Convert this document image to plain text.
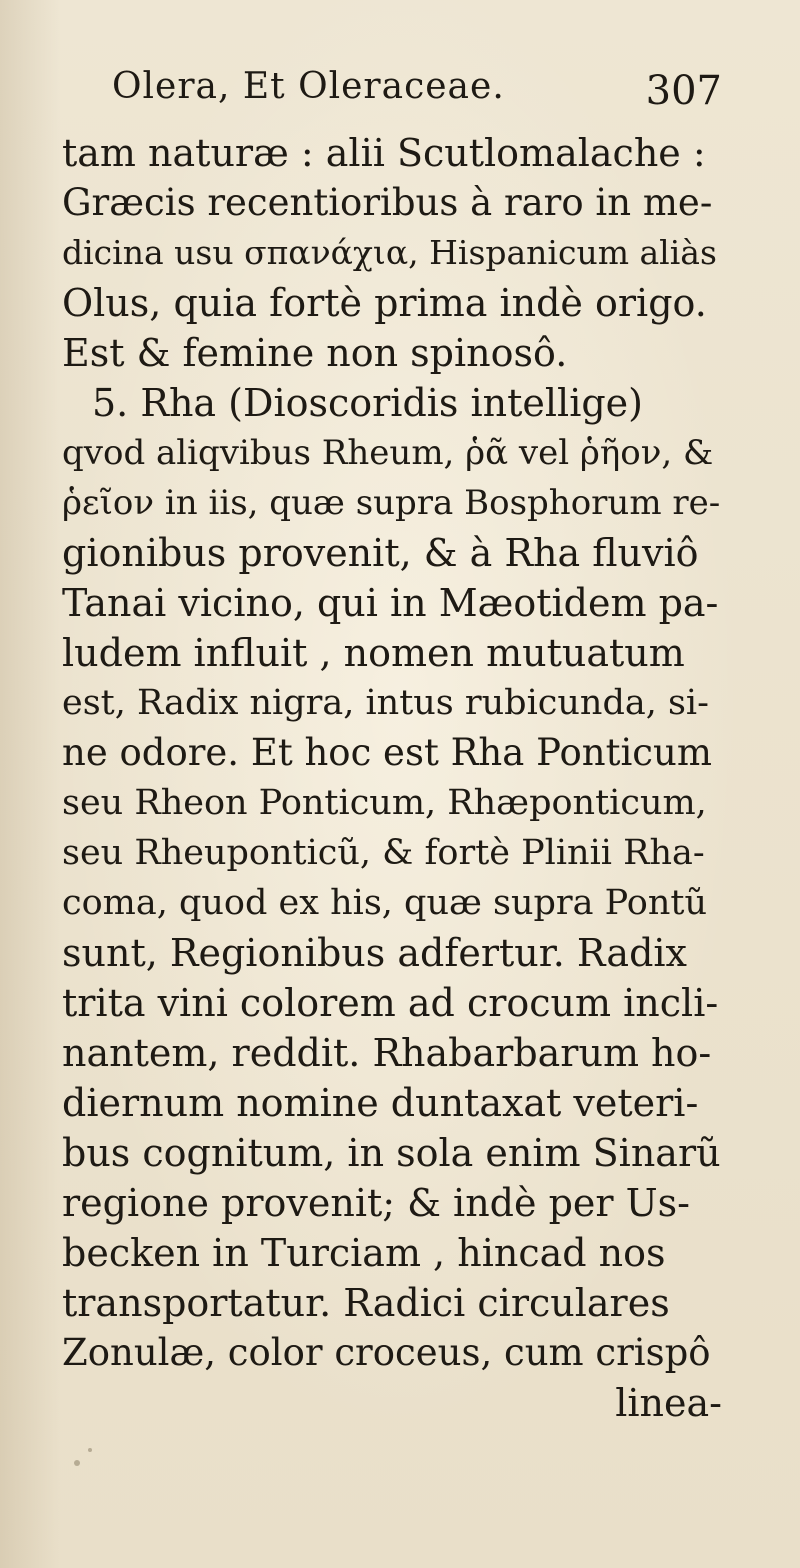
Olera, Et Oleraceae.	307
tam naturæ : alii Scutlomalache :
Græcis recentioribus à raro in me-
dicina usu σπανάχια, Hispanicum aliàs
Olus, quia fortè prima indè origo.
Est & femine non spinosô.
5. Rha (Dioscoridis intellige)
qvod aliqvibus Rheum, ῥᾶ vel ῥῆον, &
ῥεῖον in iis, quæ supra Bosphorum re-
gionibus provenit, & à Rha fluviô
Tanai vicino, qui in Mæotidem pa-
ludem influit , nomen mutuatum
est, Radix nigra, intus rubicunda, si-
ne odore. Et hoc est Rha Ponticum
seu Rheon Ponticum, Rhæponticum,
seu Rheuponticũ, & fortè Plinii Rha-
coma, quod ex his, quæ supra Pontũ
sunt, Regionibus adfertur. Radix
trita vini colorem ad crocum incli-
nantem, reddit. Rhabarbarum ho-
diernum nomine duntaxat veteri-
bus cognitum, in sola enim Sinarũ
regione provenit; & indè per Us-
becken in Turciam , hincad nos
transportatur. Radici circulares
Zonulæ, color croceus, cum crispô
linea-
